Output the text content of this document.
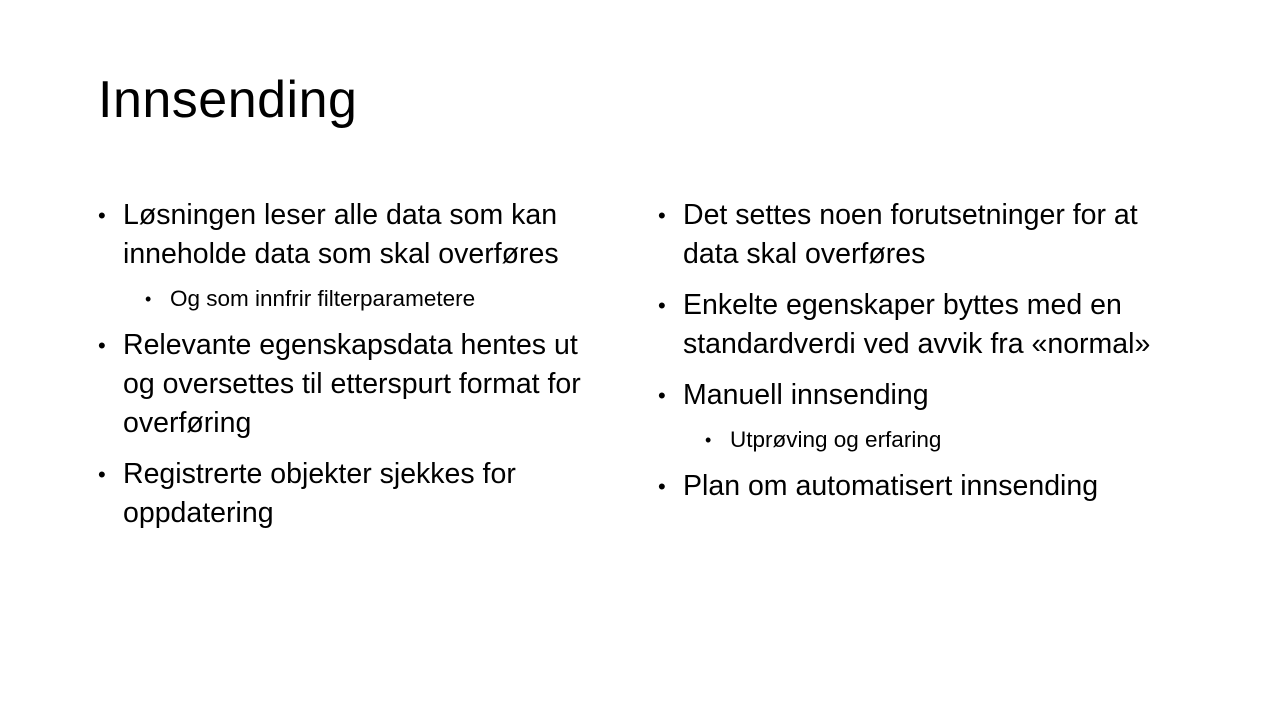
Innsending
• Løsningen leser alle data som kan inneholde data som skal overføres
• Og som innfrir filterparametere
• Relevante egenskapsdata hentes ut og oversettes til etterspurt format for overføring
• Registrerte objekter sjekkes for oppdatering
• Det settes noen forutsetninger for at data skal overføres
• Enkelte egenskaper byttes med en standardverdi ved avvik fra «normal»
• Manuell innsending
• Utprøving og erfaring
• Plan om automatisert innsending
